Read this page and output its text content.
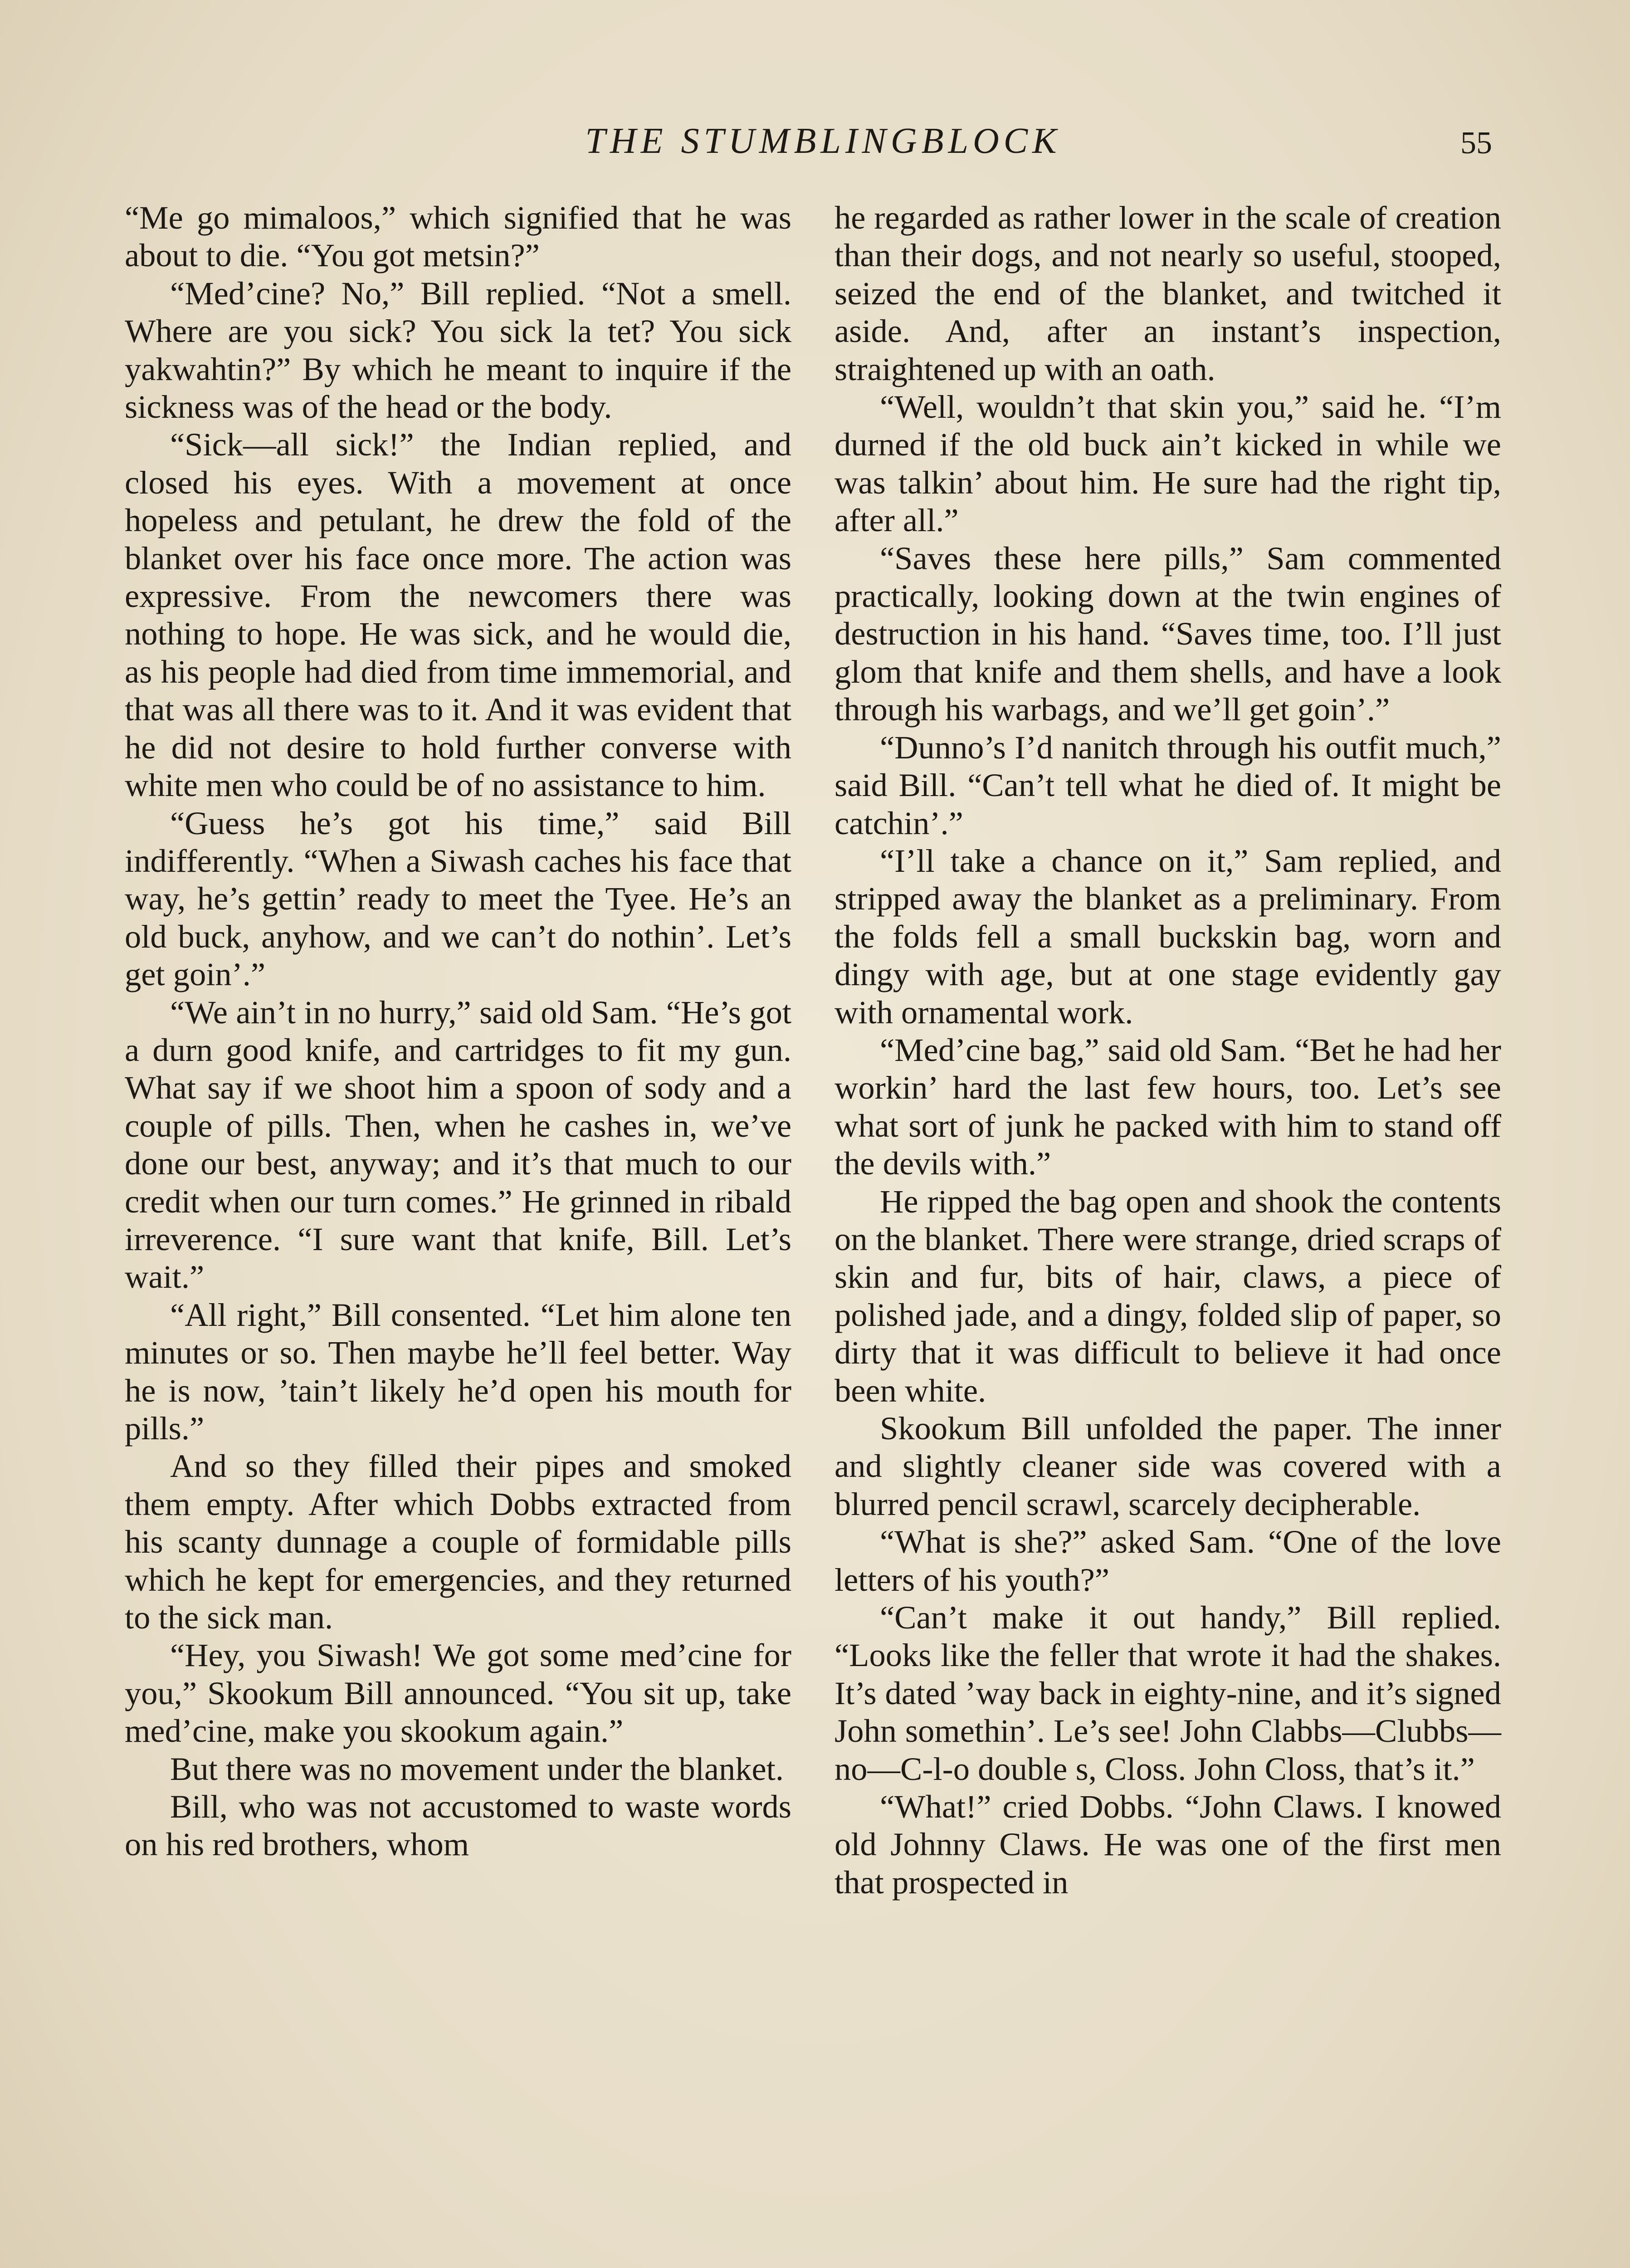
THE STUMBLINGBLOCK	55

“Me go mimaloos,” which signified that he was about to die. “You got metsin?”

“Med’cine? No,” Bill replied. “Not a smell. Where are you sick? You sick la tet? You sick yakwahtin?” By which he meant to inquire if the sickness was of the head or the body.

“Sick—all sick!” the Indian replied, and closed his eyes. With a movement at once hopeless and petulant, he drew the fold of the blanket over his face once more. The action was expressive. From the newcomers there was nothing to hope. He was sick, and he would die, as his people had died from time immemorial, and that was all there was to it. And it was evident that he did not desire to hold further converse with white men who could be of no assistance to him.

“Guess he’s got his time,” said Bill indifferently. “When a Siwash caches his face that way, he’s gettin’ ready to meet the Tyee. He’s an old buck, anyhow, and we can’t do nothin’. Let’s get goin’.”

“We ain’t in no hurry,” said old Sam. “He’s got a durn good knife, and cartridges to fit my gun. What say if we shoot him a spoon of sody and a couple of pills. Then, when he cashes in, we’ve done our best, anyway; and it’s that much to our credit when our turn comes.” He grinned in ribald irreverence. “I sure want that knife, Bill. Let’s wait.”

“All right,” Bill consented. “Let him alone ten minutes or so. Then maybe he’ll feel better. Way he is now, ’tain’t likely he’d open his mouth for pills.”

And so they filled their pipes and smoked them empty. After which Dobbs extracted from his scanty dunnage a couple of formidable pills which he kept for emergencies, and they returned to the sick man.

“Hey, you Siwash! We got some med’cine for you,” Skookum Bill announced. “You sit up, take med’cine, make you skookum again.”

But there was no movement under the blanket.

Bill, who was not accustomed to waste words on his red brothers, whom

he regarded as rather lower in the scale of creation than their dogs, and not nearly so useful, stooped, seized the end of the blanket, and twitched it aside. And, after an instant’s inspection, straightened up with an oath.

“Well, wouldn’t that skin you,” said he. “I’m durned if the old buck ain’t kicked in while we was talkin’ about him. He sure had the right tip, after all.”

“Saves these here pills,” Sam commented practically, looking down at the twin engines of destruction in his hand. “Saves time, too. I’ll just glom that knife and them shells, and have a look through his warbags, and we’ll get goin’.”

“Dunno’s I’d nanitch through his outfit much,” said Bill. “Can’t tell what he died of. It might be catchin’.”

“I’ll take a chance on it,” Sam replied, and stripped away the blanket as a preliminary. From the folds fell a small buckskin bag, worn and dingy with age, but at one stage evidently gay with ornamental work.

“Med’cine bag,” said old Sam. “Bet he had her workin’ hard the last few hours, too. Let’s see what sort of junk he packed with him to stand off the devils with.”

He ripped the bag open and shook the contents on the blanket. There were strange, dried scraps of skin and fur, bits of hair, claws, a piece of polished jade, and a dingy, folded slip of paper, so dirty that it was difficult to believe it had once been white.

Skookum Bill unfolded the paper. The inner and slightly cleaner side was covered with a blurred pencil scrawl, scarcely decipherable.

“What is she?” asked Sam. “One of the love letters of his youth?”

“Can’t make it out handy,” Bill replied. “Looks like the feller that wrote it had the shakes. It’s dated ’way back in eighty-nine, and it’s signed John somethin’. Le’s see! John Clabbs—Clubbs—no—C-l-o double s, Closs. John Closs, that’s it.”

“What!” cried Dobbs. “John Claws. I knowed old Johnny Claws. He was one of the first men that prospected in
